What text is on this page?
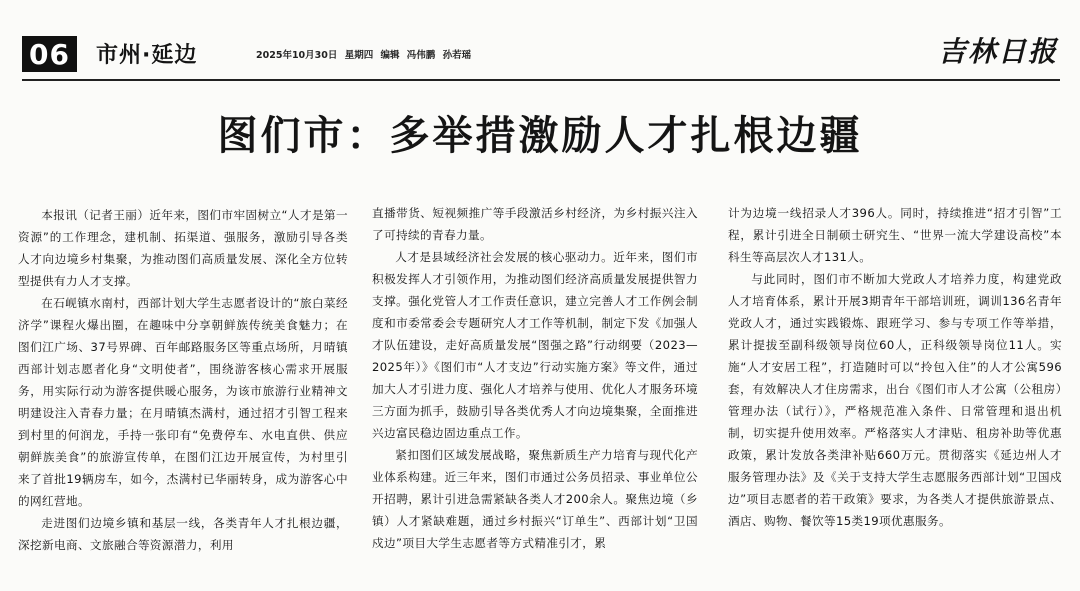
06	市州·延边	2025年10月30日 星期四 编辑 冯伟鹏 孙若瑶	吉林日报
图们市：多举措激励人才扎根边疆

本报讯（记者王丽）近年来，图们市牢固树立“人才是第一资源”的工作理念，建机制、拓渠道、强服务，激励引导各类人才向边境乡村集聚，为推动图们高质量发展、深化全方位转型提供有力人才支撑。

在石岘镇水南村，西部计划大学生志愿者设计的“旅白菜经济学”课程火爆出圈，在趣味中分享朝鲜族传统美食魅力；在图们江广场、37号界碑、百年邮路服务区等重点场所，月晴镇西部计划志愿者化身“文明使者”，围绕游客核心需求开展服务，用实际行动为游客提供暖心服务，为该市旅游行业精神文明建设注入青春力量；在月晴镇杰满村，通过招才引智工程来到村里的何润龙，手持一张印有“免费停车、水电直供、供应朝鲜族美食”的旅游宣传单，在图们江边开展宣传，为村里引来了首批19辆房车，如今，杰满村已华丽转身，成为游客心中的网红营地。

走进图们边境乡镇和基层一线，各类青年人才扎根边疆，深挖新电商、文旅融合等资源潜力，利用

直播带货、短视频推广等手段激活乡村经济，为乡村振兴注入了可持续的青春力量。

人才是县域经济社会发展的核心驱动力。近年来，图们市积极发挥人才引领作用，为推动图们经济高质量发展提供智力支撑。强化党管人才工作责任意识，建立完善人才工作例会制度和市委常委会专题研究人才工作等机制，制定下发《加强人才队伍建设，走好高质量发展“图强之路”行动纲要（2023—2025年）》《图们市“人才支边”行动实施方案》等文件，通过加大人才引进力度、强化人才培养与使用、优化人才服务环境三方面为抓手，鼓励引导各类优秀人才向边境集聚，全面推进兴边富民稳边固边重点工作。

紧扣图们区域发展战略，聚焦新质生产力培育与现代化产业体系构建。近三年来，图们市通过公务员招录、事业单位公开招聘，累计引进急需紧缺各类人才200余人。聚焦边境（乡镇）人才紧缺难题，通过乡村振兴“订单生”、西部计划“卫国戍边”项目大学生志愿者等方式精准引才，累

计为边境一线招录人才396人。同时，持续推进“招才引智”工程，累计引进全日制硕士研究生、“世界一流大学建设高校”本科生等高层次人才131人。

与此同时，图们市不断加大党政人才培养力度，构建党政人才培育体系，累计开展3期青年干部培训班，调训136名青年党政人才，通过实践锻炼、跟班学习、参与专项工作等举措，累计提拔至副科级领导岗位60人，正科级领导岗位11人。实施“人才安居工程”，打造随时可以“拎包入住”的人才公寓596套，有效解决人才住房需求，出台《图们市人才公寓（公租房）管理办法（试行）》，严格规范准入条件、日常管理和退出机制，切实提升使用效率。严格落实人才津贴、租房补助等优惠政策，累计发放各类津补贴660万元。贯彻落实《延边州人才服务管理办法》及《关于支持大学生志愿服务西部计划“卫国戍边”项目志愿者的若干政策》要求，为各类人才提供旅游景点、酒店、购物、餐饮等15类19项优惠服务。
